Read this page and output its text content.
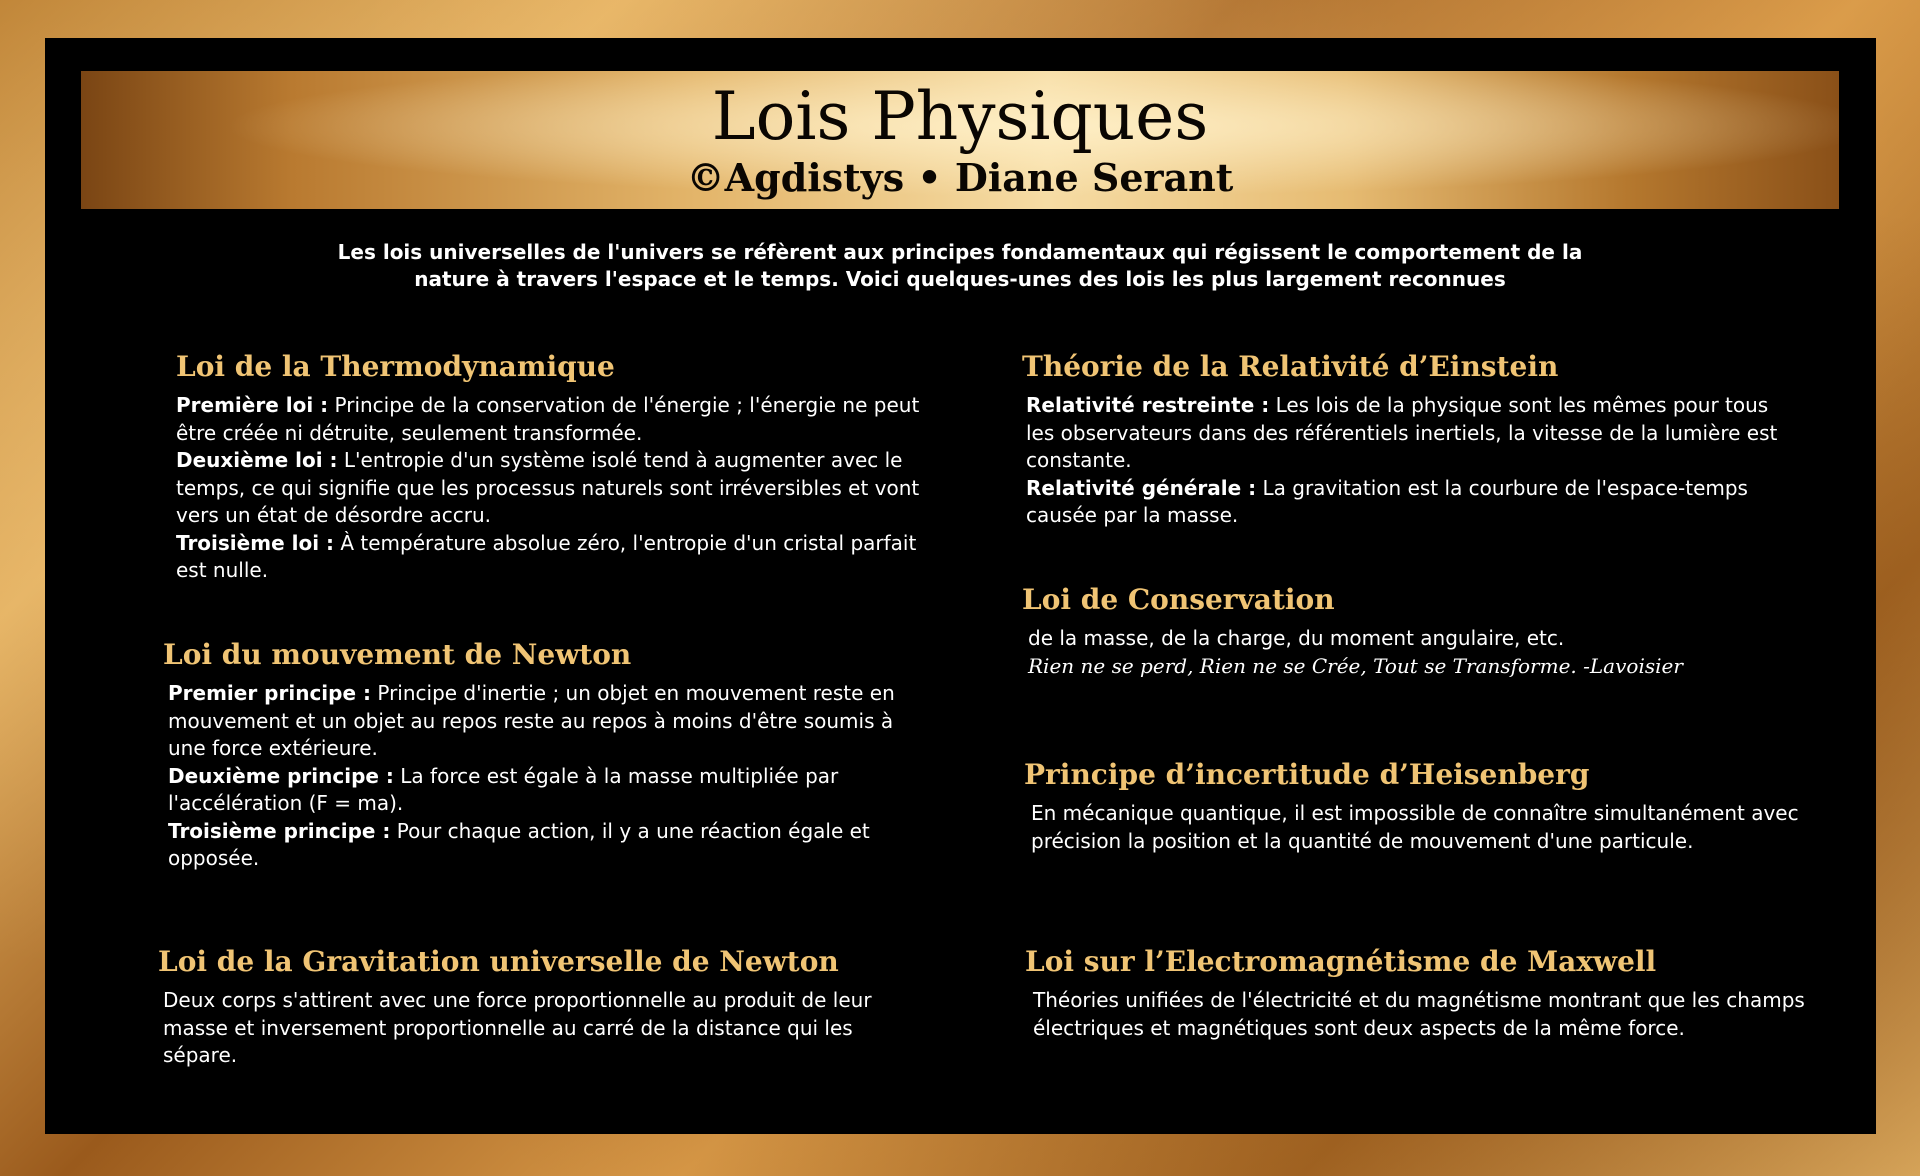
Lois Physiques
©Agdistys • Diane Serant
Les lois universelles de l'univers se réfèrent aux principes fondamentaux qui régissent le comportement de la nature à travers l'espace et le temps. Voici quelques-unes des lois les plus largement reconnues
Loi de la Thermodynamique

Première loi : Principe de la conservation de l'énergie ; l'énergie ne peut être créée ni détruite, seulement transformée.

Deuxième loi : L'entropie d'un système isolé tend à augmenter avec le temps, ce qui signifie que les processus naturels sont irréversibles et vont vers un état de désordre accru.

Troisième loi : À température absolue zéro, l'entropie d'un cristal parfait est nulle.

Loi du mouvement de Newton

Premier principe : Principe d'inertie ; un objet en mouvement reste en mouvement et un objet au repos reste au repos à moins d'être soumis à une force extérieure.

Deuxième principe : La force est égale à la masse multipliée par l'accélération (F = ma).

Troisième principe : Pour chaque action, il y a une réaction égale et opposée.

Loi de la Gravitation universelle de Newton

Deux corps s'attirent avec une force proportionnelle au produit de leur masse et inversement proportionnelle au carré de la distance qui les sépare.

Théorie de la Relativité d’Einstein

Relativité restreinte : Les lois de la physique sont les mêmes pour tous les observateurs dans des référentiels inertiels, la vitesse de la lumière est constante.

Relativité générale : La gravitation est la courbure de l'espace-temps causée par la masse.

Loi de Conservation

de la masse, de la charge, du moment angulaire, etc.

Rien ne se perd, Rien ne se Crée, Tout se Transforme. -Lavoisier

Principe d’incertitude d’Heisenberg

En mécanique quantique, il est impossible de connaître simultanément avec précision la position et la quantité de mouvement d'une particule.

Loi sur l’Electromagnétisme de Maxwell

Théories unifiées de l'électricité et du magnétisme montrant que les champs électriques et magnétiques sont deux aspects de la même force.
